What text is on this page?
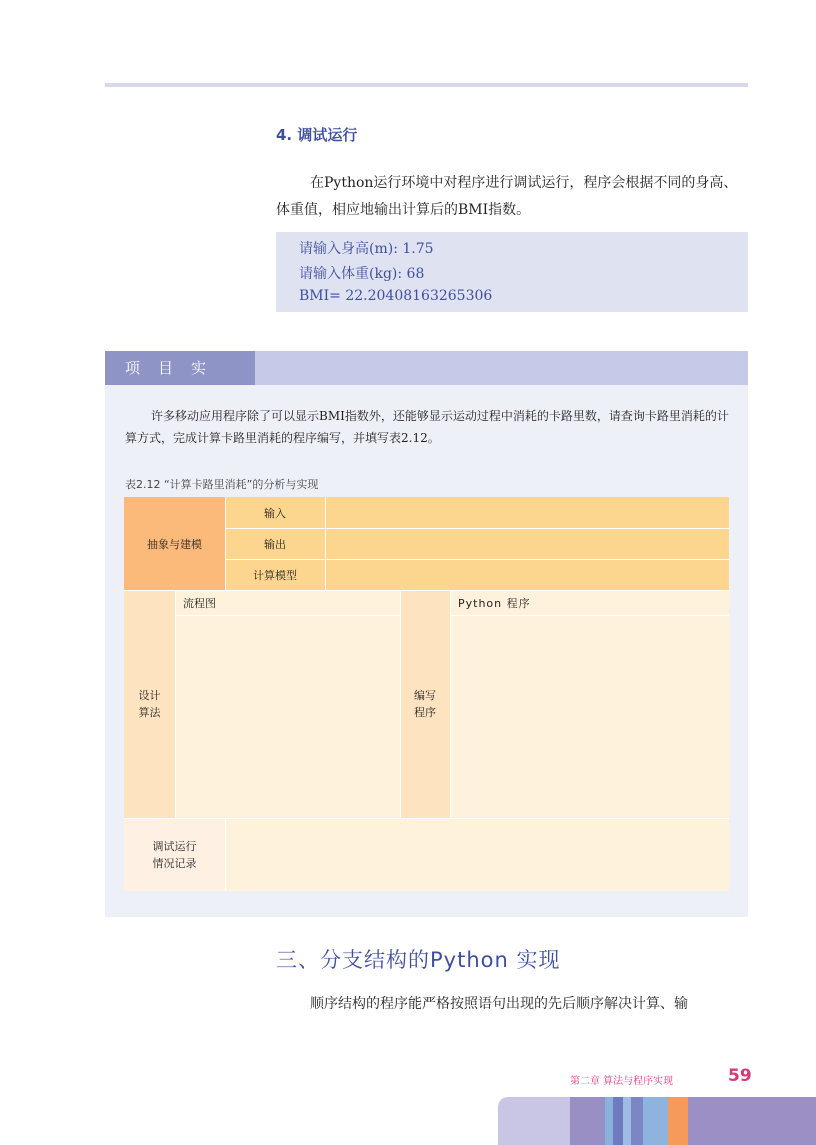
4. 调试运行
在Python运行环境中对程序进行调试运行，程序会根据不同的身高、体重值，相应地输出计算后的BMI指数。
请输入身高(m): 1.75
请输入体重(kg): 68
BMI= 22.20408163265306
项目实
许多移动应用程序除了可以显示BMI指数外，还能够显示运动过程中消耗的卡路里数，请查询卡路里消耗的计算方式，完成计算卡路里消耗的程序编写，并填写表2.12。
表2.12 “计算卡路里消耗”的分析与实现
抽象与建模
输入
输出
计算模型
设计
算法
流程图
编写
程序
Python 程序
调试运行
情况记录
三、分支结构的Python 实现
顺序结构的程序能严格按照语句出现的先后顺序解决计算、输
第二章 算法与程序实现	59
